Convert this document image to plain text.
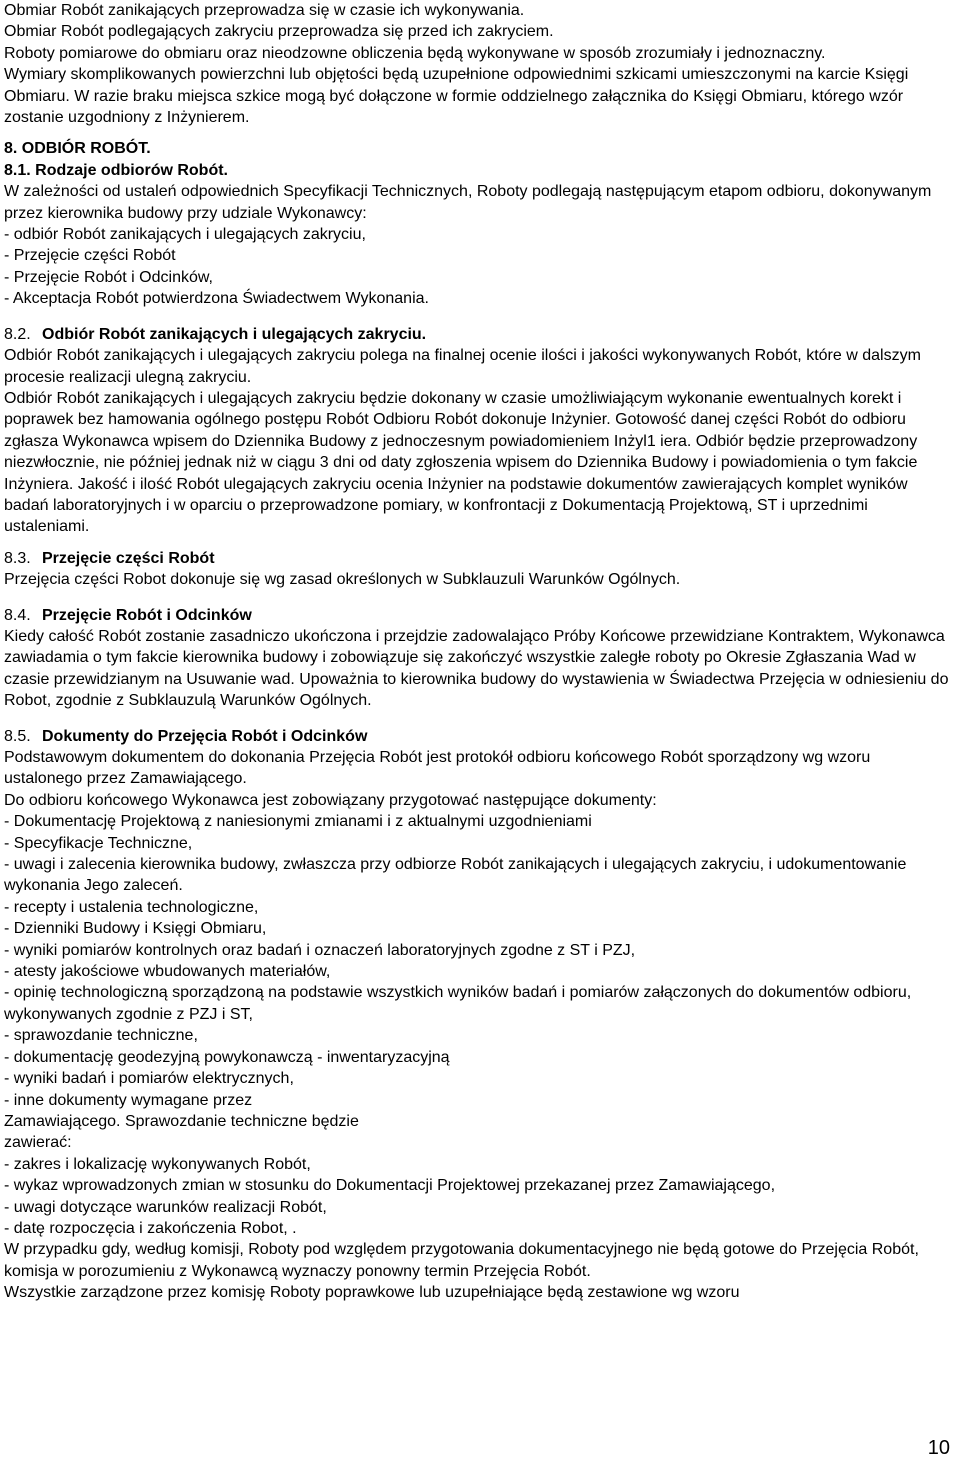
Obmiar Robót zanikających przeprowadza się w czasie ich wykonywania.

Obmiar Robót podlegających zakryciu przeprowadza się przed ich zakryciem.

Roboty pomiarowe do obmiaru oraz nieodzowne obliczenia będą wykonywane w sposób zrozumiały i jednoznaczny.

Wymiary skomplikowanych powierzchni lub objętości będą uzupełnione odpowiednimi szkicami umieszczonymi na karcie Księgi Obmiaru. W razie braku miejsca szkice mogą być dołączone w formie oddzielnego załącznika do Księgi Obmiaru, którego wzór zostanie uzgodniony z Inżynierem.

8. ODBIÓR ROBÓT.

8.1. Rodzaje odbiorów Robót.

W zależności od ustaleń odpowiednich Specyfikacji Technicznych, Roboty podlegają następującym etapom odbioru, dokonywanym przez kierownika budowy przy udziale Wykonawcy:

- odbiór Robót zanikających i ulegających zakryciu,

- Przejęcie części Robót

- Przejęcie Robót i Odcinków,

- Akceptacja Robót potwierdzona Świadectwem Wykonania.

8.2. Odbiór Robót zanikających i ulegających zakryciu.

Odbiór Robót zanikających i ulegających zakryciu polega na finalnej ocenie ilości i jakości wykonywanych Robót, które w dalszym procesie realizacji ulegną zakryciu.

Odbiór Robót zanikających i ulegających zakryciu będzie dokonany w czasie umożliwiającym wykonanie ewentualnych korekt i poprawek bez hamowania ogólnego postępu Robót Odbioru Robót dokonuje Inżynier. Gotowość danej części Robót do odbioru zgłasza Wykonawca wpisem do Dziennika Budowy z jednoczesnym powiadomieniem Inżyl1 iera. Odbiór będzie przeprowadzony niezwłocznie, nie później jednak niż w ciągu 3 dni od daty zgłoszenia wpisem do Dziennika Budowy i powiadomienia o tym fakcie Inżyniera. Jakość i ilość Robót ulegających zakryciu ocenia Inżynier na podstawie dokumentów zawierających komplet wyników badań laboratoryjnych i w oparciu o przeprowadzone pomiary, w konfrontacji z Dokumentacją Projektową, ST i uprzednimi ustaleniami.

8.3. Przejęcie części Robót

Przejęcia części Robot dokonuje się wg zasad określonych w Subklauzuli Warunków Ogólnych.

8.4. Przejęcie Robót i Odcinków

Kiedy całość Robót zostanie zasadniczo ukończona i przejdzie zadowalająco Próby Końcowe przewidziane Kontraktem, Wykonawca zawiadamia o tym fakcie kierownika budowy i zobowiązuje się zakończyć wszystkie zaległe roboty po Okresie Zgłaszania Wad w czasie przewidzianym na Usuwanie wad. Upoważnia to kierownika budowy do wystawienia w Świadectwa Przejęcia w odniesieniu do Robot, zgodnie z Subklauzulą Warunków Ogólnych.

8.5. Dokumenty do Przejęcia Robót i Odcinków

Podstawowym dokumentem do dokonania Przejęcia Robót jest protokół odbioru końcowego Robót sporządzony wg wzoru ustalonego przez Zamawiającego.

Do odbioru końcowego Wykonawca jest zobowiązany przygotować następujące dokumenty:

- Dokumentację Projektową z naniesionymi zmianami i z aktualnymi uzgodnieniami

- Specyfikacje Techniczne,

- uwagi i zalecenia kierownika budowy, zwłaszcza przy odbiorze Robót zanikających i ulegających zakryciu, i udokumentowanie wykonania Jego zaleceń.

- recepty i ustalenia technologiczne,

- Dzienniki Budowy i Księgi Obmiaru,

- wyniki pomiarów kontrolnych oraz badań i oznaczeń laboratoryjnych zgodne z ST i PZJ,

- atesty jakościowe wbudowanych materiałów,

- opinię technologiczną sporządzoną na podstawie wszystkich wyników badań i pomiarów załączonych do dokumentów odbioru, wykonywanych zgodnie z PZJ i ST,

- sprawozdanie techniczne,

- dokumentację geodezyjną powykonawczą - inwentaryzacyjną

- wyniki badań i pomiarów elektrycznych,

- inne dokumenty wymagane przez

Zamawiającego. Sprawozdanie techniczne będzie

zawierać:

- zakres i lokalizację wykonywanych Robót,

- wykaz wprowadzonych zmian w stosunku do Dokumentacji Projektowej przekazanej przez Zamawiającego,

- uwagi dotyczące warunków realizacji Robót,

- datę rozpoczęcia i zakończenia Robot, .

W przypadku gdy, według komisji, Roboty pod względem przygotowania dokumentacyjnego nie będą gotowe do Przejęcia Robót, komisja w porozumieniu z Wykonawcą wyznaczy ponowny termin Przejęcia Robót.

Wszystkie zarządzone przez komisję Roboty poprawkowe lub uzupełniające będą zestawione wg wzoru

10
